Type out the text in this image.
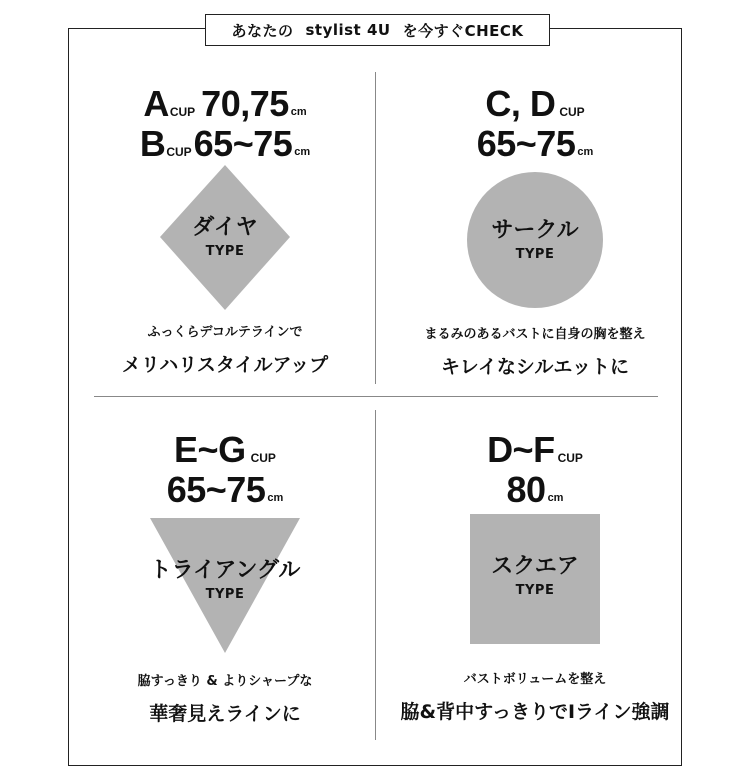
あなたの stylist 4U を今すぐCHECK
A CUP 70,75 cm
B CUP 65~75 cm
ダイヤ
TYPE
ふっくらデコルテラインで
メリハリスタイルアップ
C, D CUP
65~75 cm
サークル
TYPE
まるみのあるバストに自身の胸を整え
キレイなシルエットに
E~G CUP
65~75 cm
トライアングル
TYPE
脇すっきり & よりシャープな
華奢見えラインに
D~F CUP
80 cm
スクエア
TYPE
バストボリュームを整え
脇&背中すっきりでIライン強調
